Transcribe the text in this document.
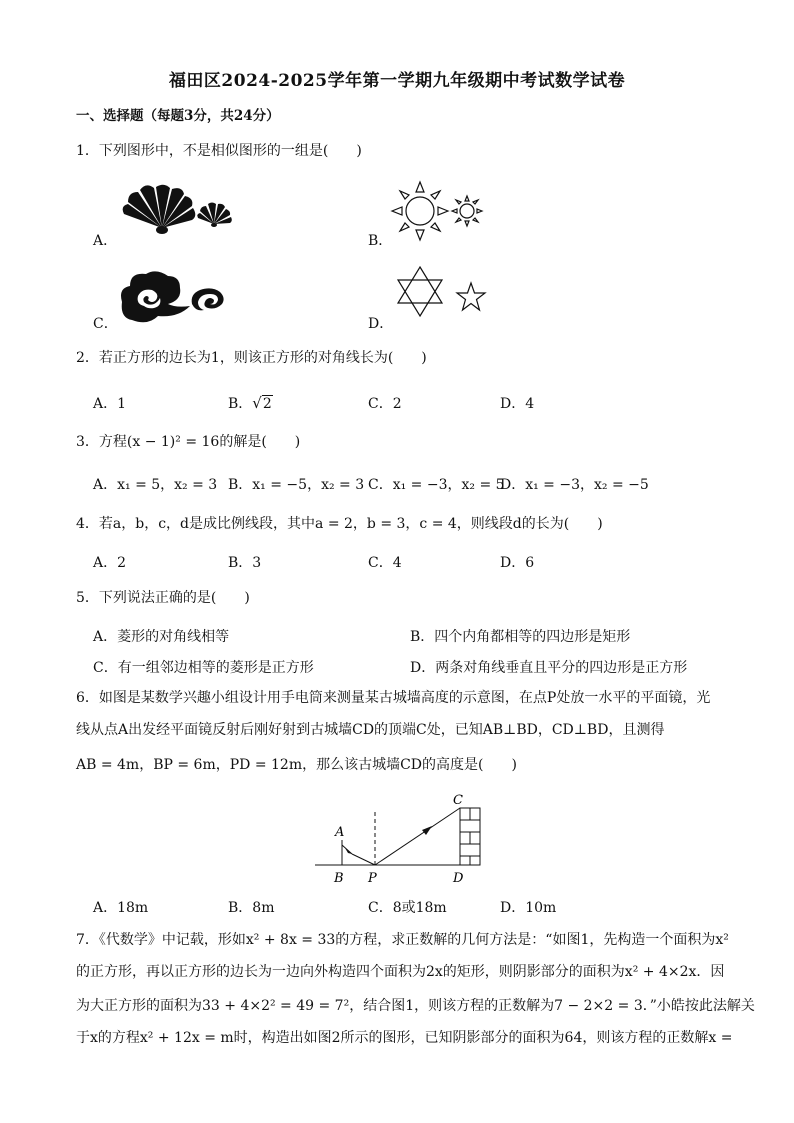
福田区2024-2025学年第一学期九年级期中考试数学试卷
一、选择题（每题3分，共24分）
1．下列图形中，不是相似图形的一组是(　　)
A．	B．
C．	D．
2．若正方形的边长为1，则该正方形的对角线长为(　　)
A．1	B．√2	C．2	D．4
3．方程(x − 1)² = 16的解是(　　)
A．x₁ = 5，x₂ = 3 B．x₁ = −5，x₂ = 3 C．x₁ = −3，x₂ = 5
D．x₁ = −3，x₂ = −5
4．若a，b，c，d是成比例线段，其中a = 2，b = 3，c = 4，则线段d的长为(　　)
A．2	B．3	C．4	D．6
5．下列说法正确的是(　　)
A．菱形的对角线相等	B．四个内角都相等的四边形是矩形
C．有一组邻边相等的菱形是正方形	D．两条对角线垂直且平分的四边形是正方形
6．如图是某数学兴趣小组设计用手电筒来测量某古城墙高度的示意图，在点P处放一水平的平面镜，光
线从点A出发经平面镜反射后刚好射到古城墙CD的顶端C处，已知AB⊥BD，CD⊥BD，且测得
AB = 4m，BP = 6m，PD = 12m，那么该古城墙CD的高度是(　　)
A
B P
C
D
A．18m	B．8m	C．8或18m	D．10m
7．《代数学》中记载，形如x² + 8x = 33的方程，求正数解的几何方法是：“如图1，先构造一个面积为x²
的正方形，再以正方形的边长为一边向外构造四个面积为2x的矩形，则阴影部分的面积为x² + 4×2x．因
为大正方形的面积为33 + 4×2² = 49 = 7²，结合图1，则该方程的正数解为7 − 2×2 = 3．”小皓按此法解关
于x的方程x² + 12x = m时，构造出如图2所示的图形，已知阴影部分的面积为64，则该方程的正数解x =
